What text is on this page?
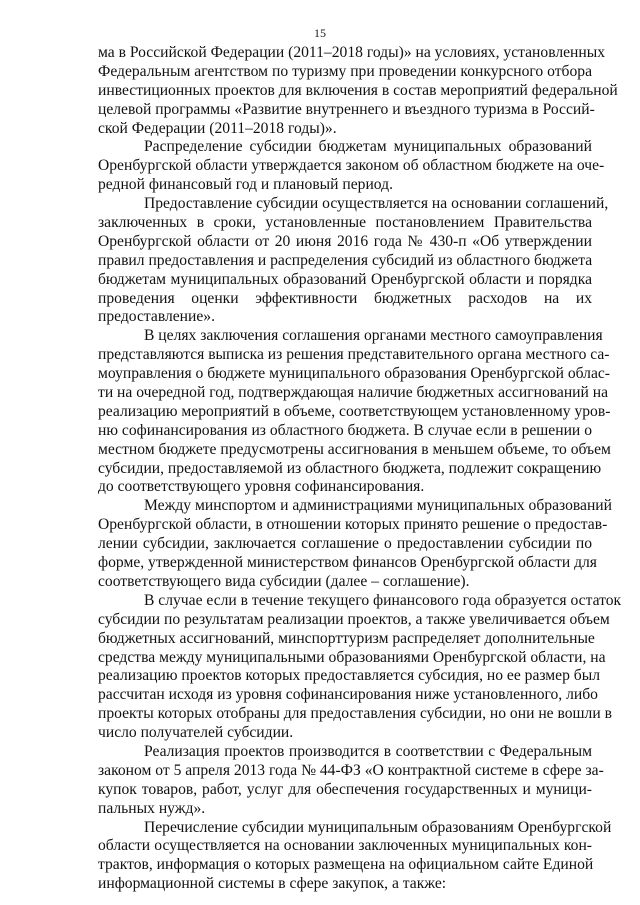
15
ма в Российской Федерации (2011–2018 годы)» на условиях, установленных
Федеральным агентством по туризму при проведении конкурсного отбора
инвестиционных проектов для включения в состав мероприятий федеральной
целевой программы «Развитие внутреннего и въездного туризма в Россий-
ской Федерации (2011–2018 годы)».
Распределение субсидии бюджетам муниципальных образований
Оренбургской области утверждается законом об областном бюджете на оче-
редной финансовый год и плановый период.
Предоставление субсидии осуществляется на основании соглашений,
заключенных в сроки, установленные постановлением Правительства
Оренбургской области от 20 июня 2016 года № 430-п «Об утверждении
правил предоставления и распределения субсидий из областного бюджета
бюджетам муниципальных образований Оренбургской области и порядка
проведения оценки эффективности бюджетных расходов на их
предоставление».
В целях заключения соглашения органами местного самоуправления
представляются выписка из решения представительного органа местного са-
моуправления о бюджете муниципального образования Оренбургской облас-
ти на очередной год, подтверждающая наличие бюджетных ассигнований на
реализацию мероприятий в объеме, соответствующем установленному уров-
ню софинансирования из областного бюджета. В случае если в решении о
местном бюджете предусмотрены ассигнования в меньшем объеме, то объем
субсидии, предоставляемой из областного бюджета, подлежит сокращению
до соответствующего уровня софинансирования.
Между минспортом и администрациями муниципальных образований
Оренбургской области, в отношении которых принято решение о предостав-
лении субсидии, заключается соглашение о предоставлении субсидии по
форме, утвержденной министерством финансов Оренбургской области для
соответствующего вида субсидии (далее – соглашение).
В случае если в течение текущего финансового года образуется остаток
субсидии по результатам реализации проектов, а также увеличивается объем
бюджетных ассигнований, минспорттуризм распределяет дополнительные
средства между муниципальными образованиями Оренбургской области, на
реализацию проектов которых предоставляется субсидия, но ее размер был
рассчитан исходя из уровня софинансирования ниже установленного, либо
проекты которых отобраны для предоставления субсидии, но они не вошли в
число получателей субсидии.
Реализация проектов производится в соответствии с Федеральным
законом от 5 апреля 2013 года № 44-ФЗ «О контрактной системе в сфере за-
купок товаров, работ, услуг для обеспечения государственных и муници-
пальных нужд».
Перечисление субсидии муниципальным образованиям Оренбургской
области осуществляется на основании заключенных муниципальных кон-
трактов, информация о которых размещена на официальном сайте Единой
информационной системы в сфере закупок, а также:
